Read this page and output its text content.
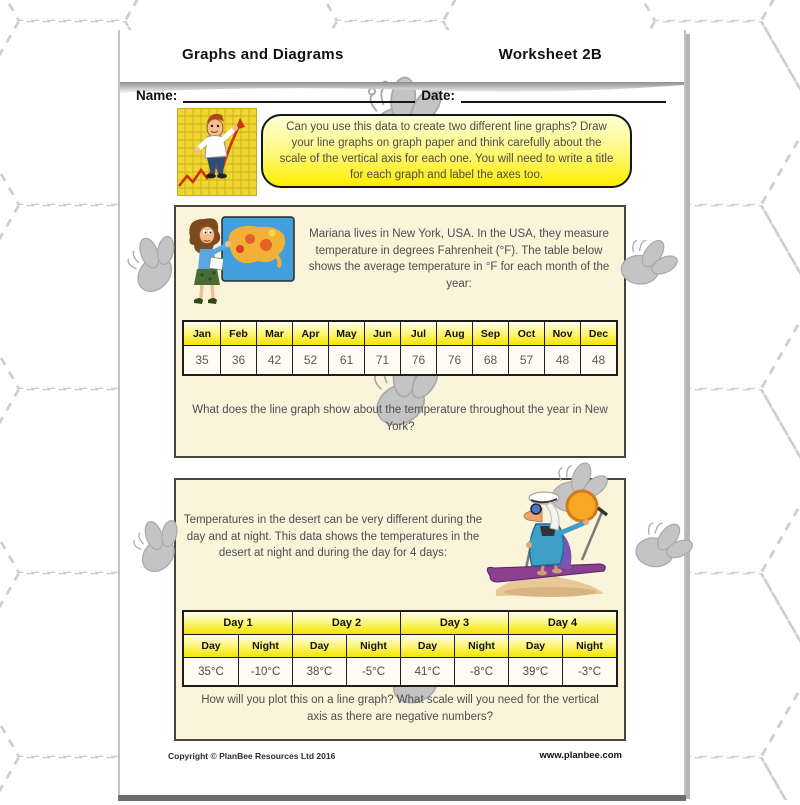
Graphs and Diagrams	Worksheet 2B
Name:	Date:
Can you use this data to create two different line graphs? Draw your line graphs on graph paper and think carefully about the scale of the vertical axis for each one. You will need to write a title for each graph and label the axes too.
Mariana lives in New York, USA. In the USA, they measure temperature in degrees Fahrenheit (°F). The table below shows the average temperature in °F for each month of the year:
Jan	Feb	Mar	Apr	May	Jun	Jul	Aug	Sep	Oct	Nov	Dec
35	36	42	52	61	71	76	76	68	57	48	48
What does the line graph show about the temperature throughout the year in New York?
Temperatures in the desert can be very different during the day and at night. This data shows the temperatures in the desert at night and during the day for 4 days:
Day 1	Day 2	Day 3	Day 4
Day	Night	Day	Night	Day	Night	Day	Night
35°C	-10°C	38°C	-5°C	41°C	-8°C	39°C	-3°C
How will you plot this on a line graph? What scale will you need for the vertical axis as there are negative numbers?
Copyright © PlanBee Resources Ltd 2016	www.planbee.com
